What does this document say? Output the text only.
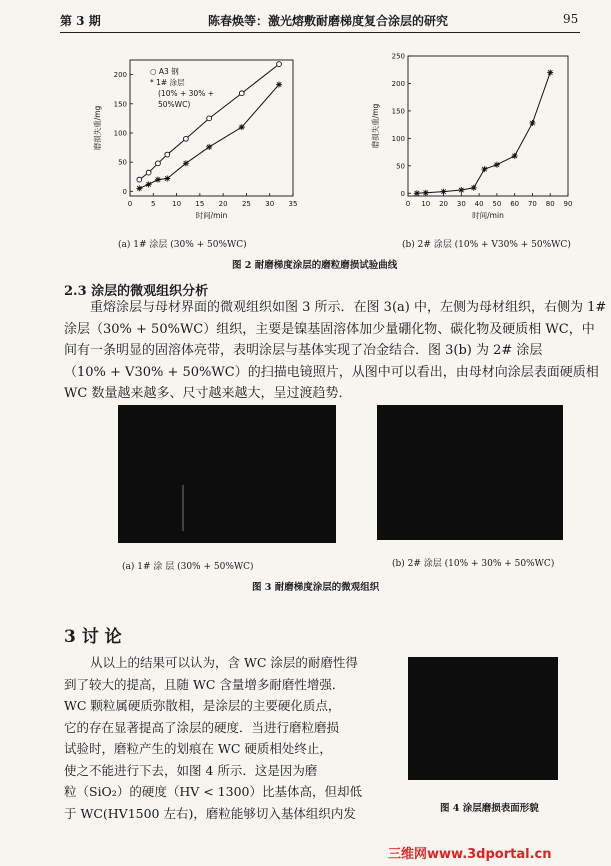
第 3 期	陈春焕等：激光熔敷耐磨梯度复合涂层的研究	95
0	5 10 15 20 25 30 35
0
50
100
150
200
时间/min
磨损失重/mg
○ A3 钢
* 1# 涂层
(10% + 30% +
50%WC)
0 10 20 30 40 50 60 70 80 90
0
50
100
150
200
250
时间/min
磨损失重/mg
(a) 1# 涂层 (30% + 50%WC)	(b) 2# 涂层 (10% + V30% + 50%WC)
图 2 耐磨梯度涂层的磨粒磨损试验曲线
2.3 涂层的微观组织分析
重熔涂层与母材界面的微观组织如图 3 所示．在图 3(a) 中，左侧为母材组织，右侧为 1#
涂层（30% + 50%WC）组织，主要是镍基固溶体加少量硼化物、碳化物及硬质相 WC，中
间有一条明显的固溶体亮带，表明涂层与基体实现了冶金结合．图 3(b) 为 2# 涂层
（10% + V30% + 50%WC）的扫描电镜照片，从图中可以看出，由母材向涂层表面硬质相
WC 数量越来越多、尺寸越来越大，呈过渡趋势．
(a) 1# 涂 层 (30% + 50%WC)	(b) 2# 涂层 (10% + 30% + 50%WC)
图 3 耐磨梯度涂层的微观组织
3 讨 论
从以上的结果可以认为，含 WC 涂层的耐磨性得
到了较大的提高，且随 WC 含量增多耐磨性增强．
WC 颗粒属硬质弥散相，是涂层的主要硬化质点，
它的存在显著提高了涂层的硬度．当进行磨粒磨损
试验时，磨粒产生的划痕在 WC 硬质相处终止，
使之不能进行下去，如图 4 所示．这是因为磨
粒（SiO₂）的硬度（HV < 1300）比基体高，但却低
于 WC(HV1500 左右)，磨粒能够切入基体组织内发	图 4 涂层磨损表面形貌
三维网www.3dportal.cn
